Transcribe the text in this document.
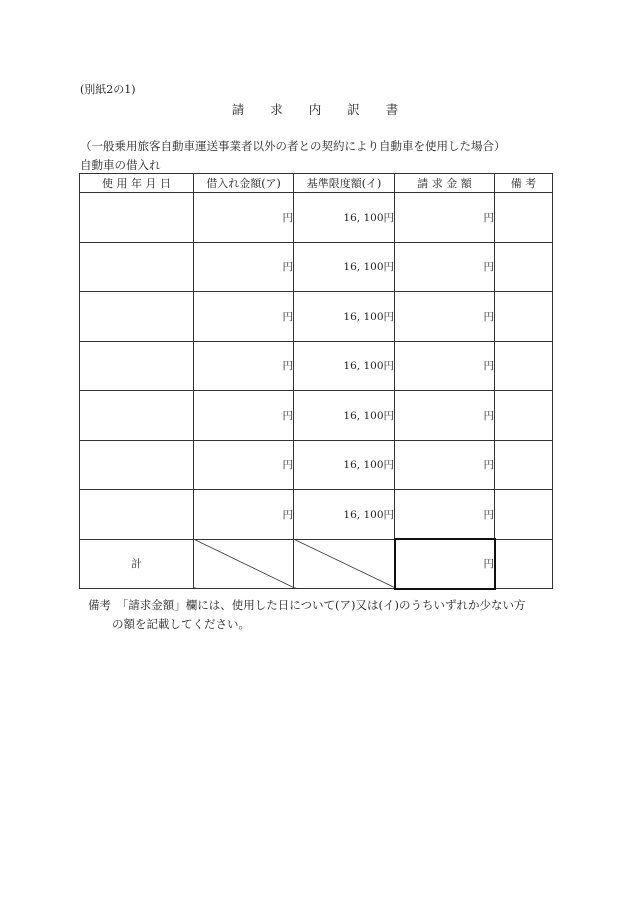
(別紙2の1)
請 求 内 訳 書
（一般乗用旅客自動車運送事業者以外の者との契約により自動車を使用した場合）
自動車の借入れ
使 用 年 月 日	借入れ金額(ア)	基準限度額(イ)	請 求 金 額	備 考
	円	16, 100円	円	
	円	16, 100円	円	
	円	16, 100円	円	
	円	16, 100円	円	
	円	16, 100円	円	
	円	16, 100円	円	
	円	16, 100円	円	
計			円	
備考　「請求金額」欄には、使用した日について(ア)又は(イ)のうちいずれか少ない方
の額を記載してください。
